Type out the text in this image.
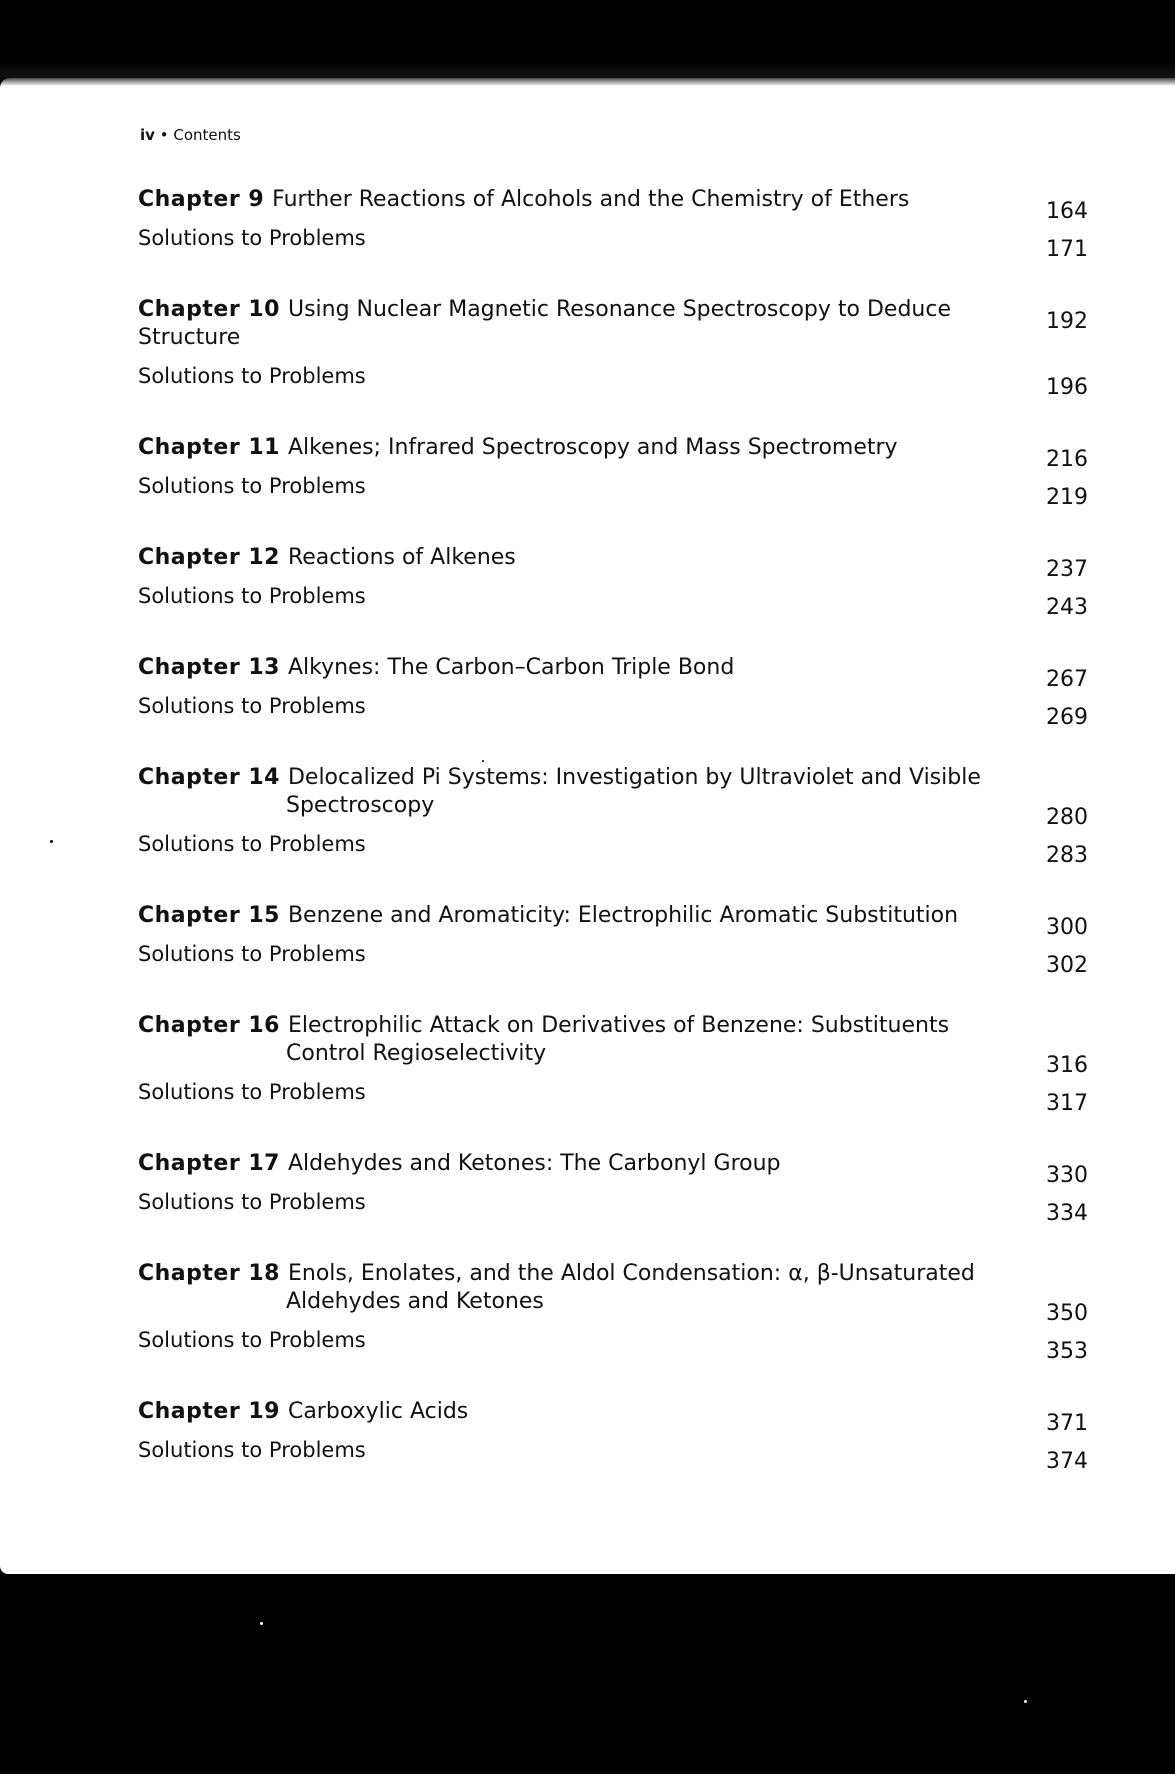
iv • Contents
Chapter 9 Further Reactions of Alcohols and the Chemistry of Ethers	164
Solutions to Problems	171
Chapter 10 Using Nuclear Magnetic Resonance Spectroscopy to Deduce Structure
192
Solutions to Problems	196
Chapter 11 Alkenes; Infrared Spectroscopy and Mass Spectrometry	216
Solutions to Problems	219
Chapter 12 Reactions of Alkenes	237
Solutions to Problems	243
Chapter 13 Alkynes: The Carbon–Carbon Triple Bond	267
Solutions to Problems	269
Chapter 14 Delocalized Pi Systems: Investigation by Ultraviolet and Visible
Spectroscopy	280
Solutions to Problems	283
Chapter 15 Benzene and Aromaticity: Electrophilic Aromatic Substitution	300
Solutions to Problems	302
Chapter 16 Electrophilic Attack on Derivatives of Benzene: Substituents
Control Regioselectivity	316
Solutions to Problems	317
Chapter 17 Aldehydes and Ketones: The Carbonyl Group	330
Solutions to Problems	334
Chapter 18 Enols, Enolates, and the Aldol Condensation: α, β-Unsaturated
Aldehydes and Ketones	350
Solutions to Problems	353
Chapter 19 Carboxylic Acids	371
Solutions to Problems	374
